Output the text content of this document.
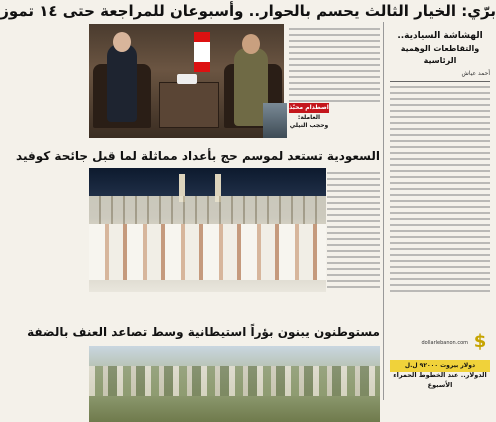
برّي: الخيار الثالث يحسم بالحوار.. وأسبوعان للمراجعة حتى ١٤ تموز
الهشاشة السيادية..
والتقاطعات الوهمية الرئاسية
أحمد عياش
$
dollarlebanon.com
دولار بيروت ٩٢٠٠٠ ل.ل
الدولار.. عند الخطوط الحمراء الأسبوع
اصطدام محبّذ
العاملة: وحجب النيلي
السعودية تستعد لموسم حج بأعداد مماثلة لما قبل جائحة كوفيد
مستوطنون يبنون بؤراً استيطانية وسط تصاعد العنف بالضفة
